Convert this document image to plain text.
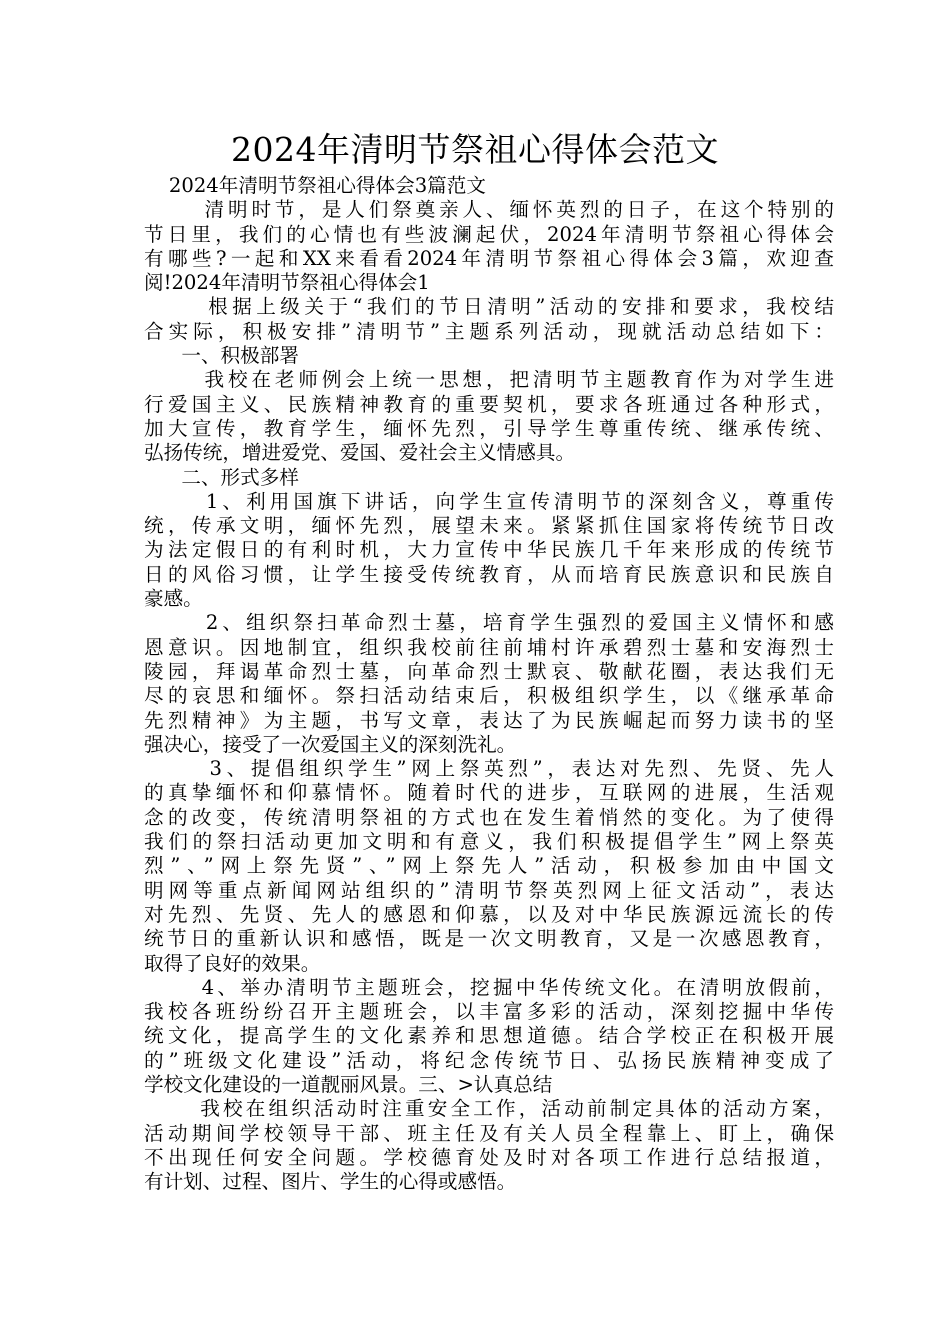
2024年清明节祭祖心得体会范文
2024年清明节祭祖心得体会3篇范文
清明时节，是人们祭奠亲人、缅怀英烈的日子，在这个特别的
节日里，我们的心情也有些波澜起伏，2024年清明节祭祖心得体会
有哪些?一起和XX来看看2024年清明节祭祖心得体会3篇，欢迎查
阅!2024年清明节祭祖心得体会1
根据上级关于“我们的节日清明”活动的安排和要求，我校结
合实际，积极安排”清明节”主题系列活动，现就活动总结如下：
一、积极部署
我校在老师例会上统一思想，把清明节主题教育作为对学生进
行爱国主义、民族精神教育的重要契机，要求各班通过各种形式，
加大宣传，教育学生，缅怀先烈，引导学生尊重传统、继承传统、
弘扬传统，增进爱党、爱国、爱社会主义情感具。
二、形式多样
1、利用国旗下讲话，向学生宣传清明节的深刻含义，尊重传
统，传承文明，缅怀先烈，展望未来。紧紧抓住国家将传统节日改
为法定假日的有利时机，大力宣传中华民族几千年来形成的传统节
日的风俗习惯，让学生接受传统教育，从而培育民族意识和民族自
豪感。
2、组织祭扫革命烈士墓，培育学生强烈的爱国主义情怀和感
恩意识。因地制宜，组织我校前往前埔村许承碧烈士墓和安海烈士
陵园，拜谒革命烈士墓，向革命烈士默哀、敬献花圈，表达我们无
尽的哀思和缅怀。祭扫活动结束后，积极组织学生，以《继承革命
先烈精神》为主题，书写文章，表达了为民族崛起而努力读书的坚
强决心，接受了一次爱国主义的深刻洗礼。
3、提倡组织学生”网上祭英烈”，表达对先烈、先贤、先人
的真挚缅怀和仰慕情怀。随着时代的进步，互联网的进展，生活观
念的改变，传统清明祭祖的方式也在发生着悄然的变化。为了使得
我们的祭扫活动更加文明和有意义，我们积极提倡学生”网上祭英
烈”、”网上祭先贤”、”网上祭先人”活动，积极参加由中国文
明网等重点新闻网站组织的”清明节祭英烈网上征文活动”，表达
对先烈、先贤、先人的感恩和仰慕，以及对中华民族源远流长的传
统节日的重新认识和感悟，既是一次文明教育，又是一次感恩教育，
取得了良好的效果。
4、举办清明节主题班会，挖掘中华传统文化。在清明放假前，
我校各班纷纷召开主题班会，以丰富多彩的活动，深刻挖掘中华传
统文化，提高学生的文化素养和思想道德。结合学校正在积极开展
的”班级文化建设”活动，将纪念传统节日、弘扬民族精神变成了
学校文化建设的一道靓丽风景。三、>认真总结
我校在组织活动时注重安全工作，活动前制定具体的活动方案，
活动期间学校领导干部、班主任及有关人员全程靠上、盯上，确保
不出现任何安全问题。学校德育处及时对各项工作进行总结报道，
有计划、过程、图片、学生的心得或感悟。
